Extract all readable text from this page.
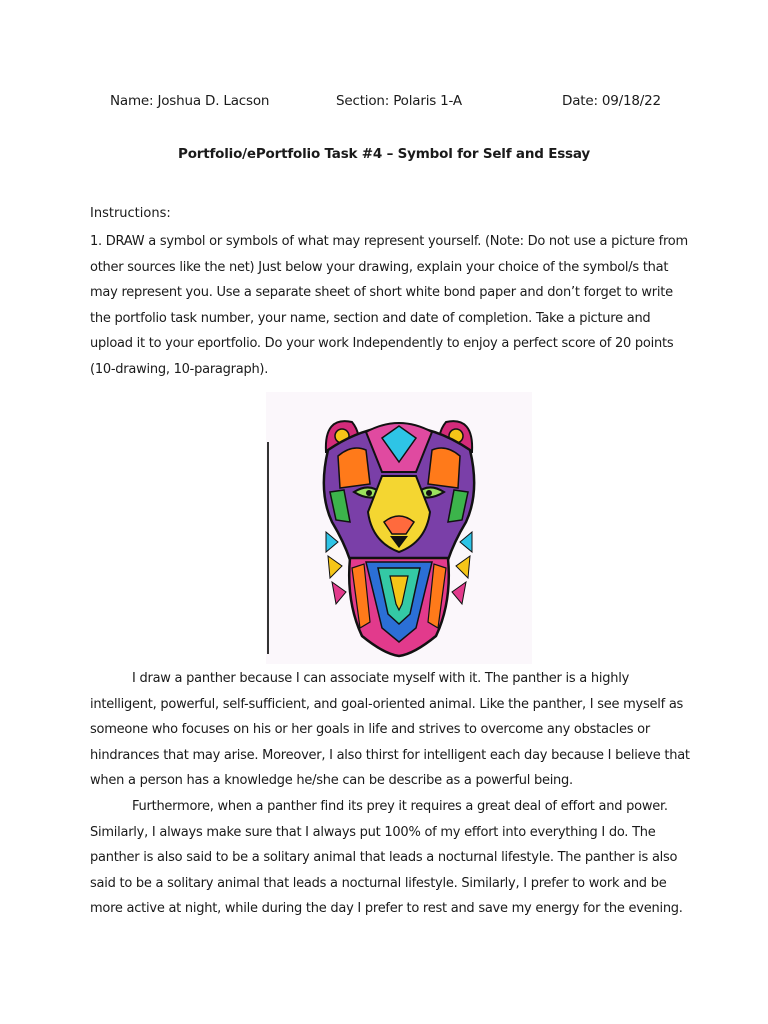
Name: Joshua D. Lacson	Section: Polaris 1-A	Date: 09/18/22
Portfolio/ePortfolio Task #4 – Symbol for Self and Essay
Instructions:

1. DRAW a symbol or symbols of what may represent yourself. (Note: Do not use a picture from other sources like the net) Just below your drawing, explain your choice of the symbol/s that may represent you. Use a separate sheet of short white bond paper and don’t forget to write the portfolio task number, your name, section and date of completion. Take a picture and upload it to your eportfolio. Do your work Independently to enjoy a perfect score of 20 points (10-drawing, 10-paragraph).

I draw a panther because I can associate myself with it. The panther is a highly intelligent, powerful, self-sufficient, and goal-oriented animal. Like the panther, I see myself as someone who focuses on his or her goals in life and strives to overcome any obstacles or hindrances that may arise. Moreover, I also thirst for intelligent each day because I believe that when a person has a knowledge he/she can be describe as a powerful being.

Furthermore, when a panther find its prey it requires a great deal of effort and power. Similarly, I always make sure that I always put 100% of my effort into everything I do. The panther is also said to be a solitary animal that leads a nocturnal lifestyle. The panther is also said to be a solitary animal that leads a nocturnal lifestyle. Similarly, I prefer to work and be more active at night, while during the day I prefer to rest and save my energy for the evening.
